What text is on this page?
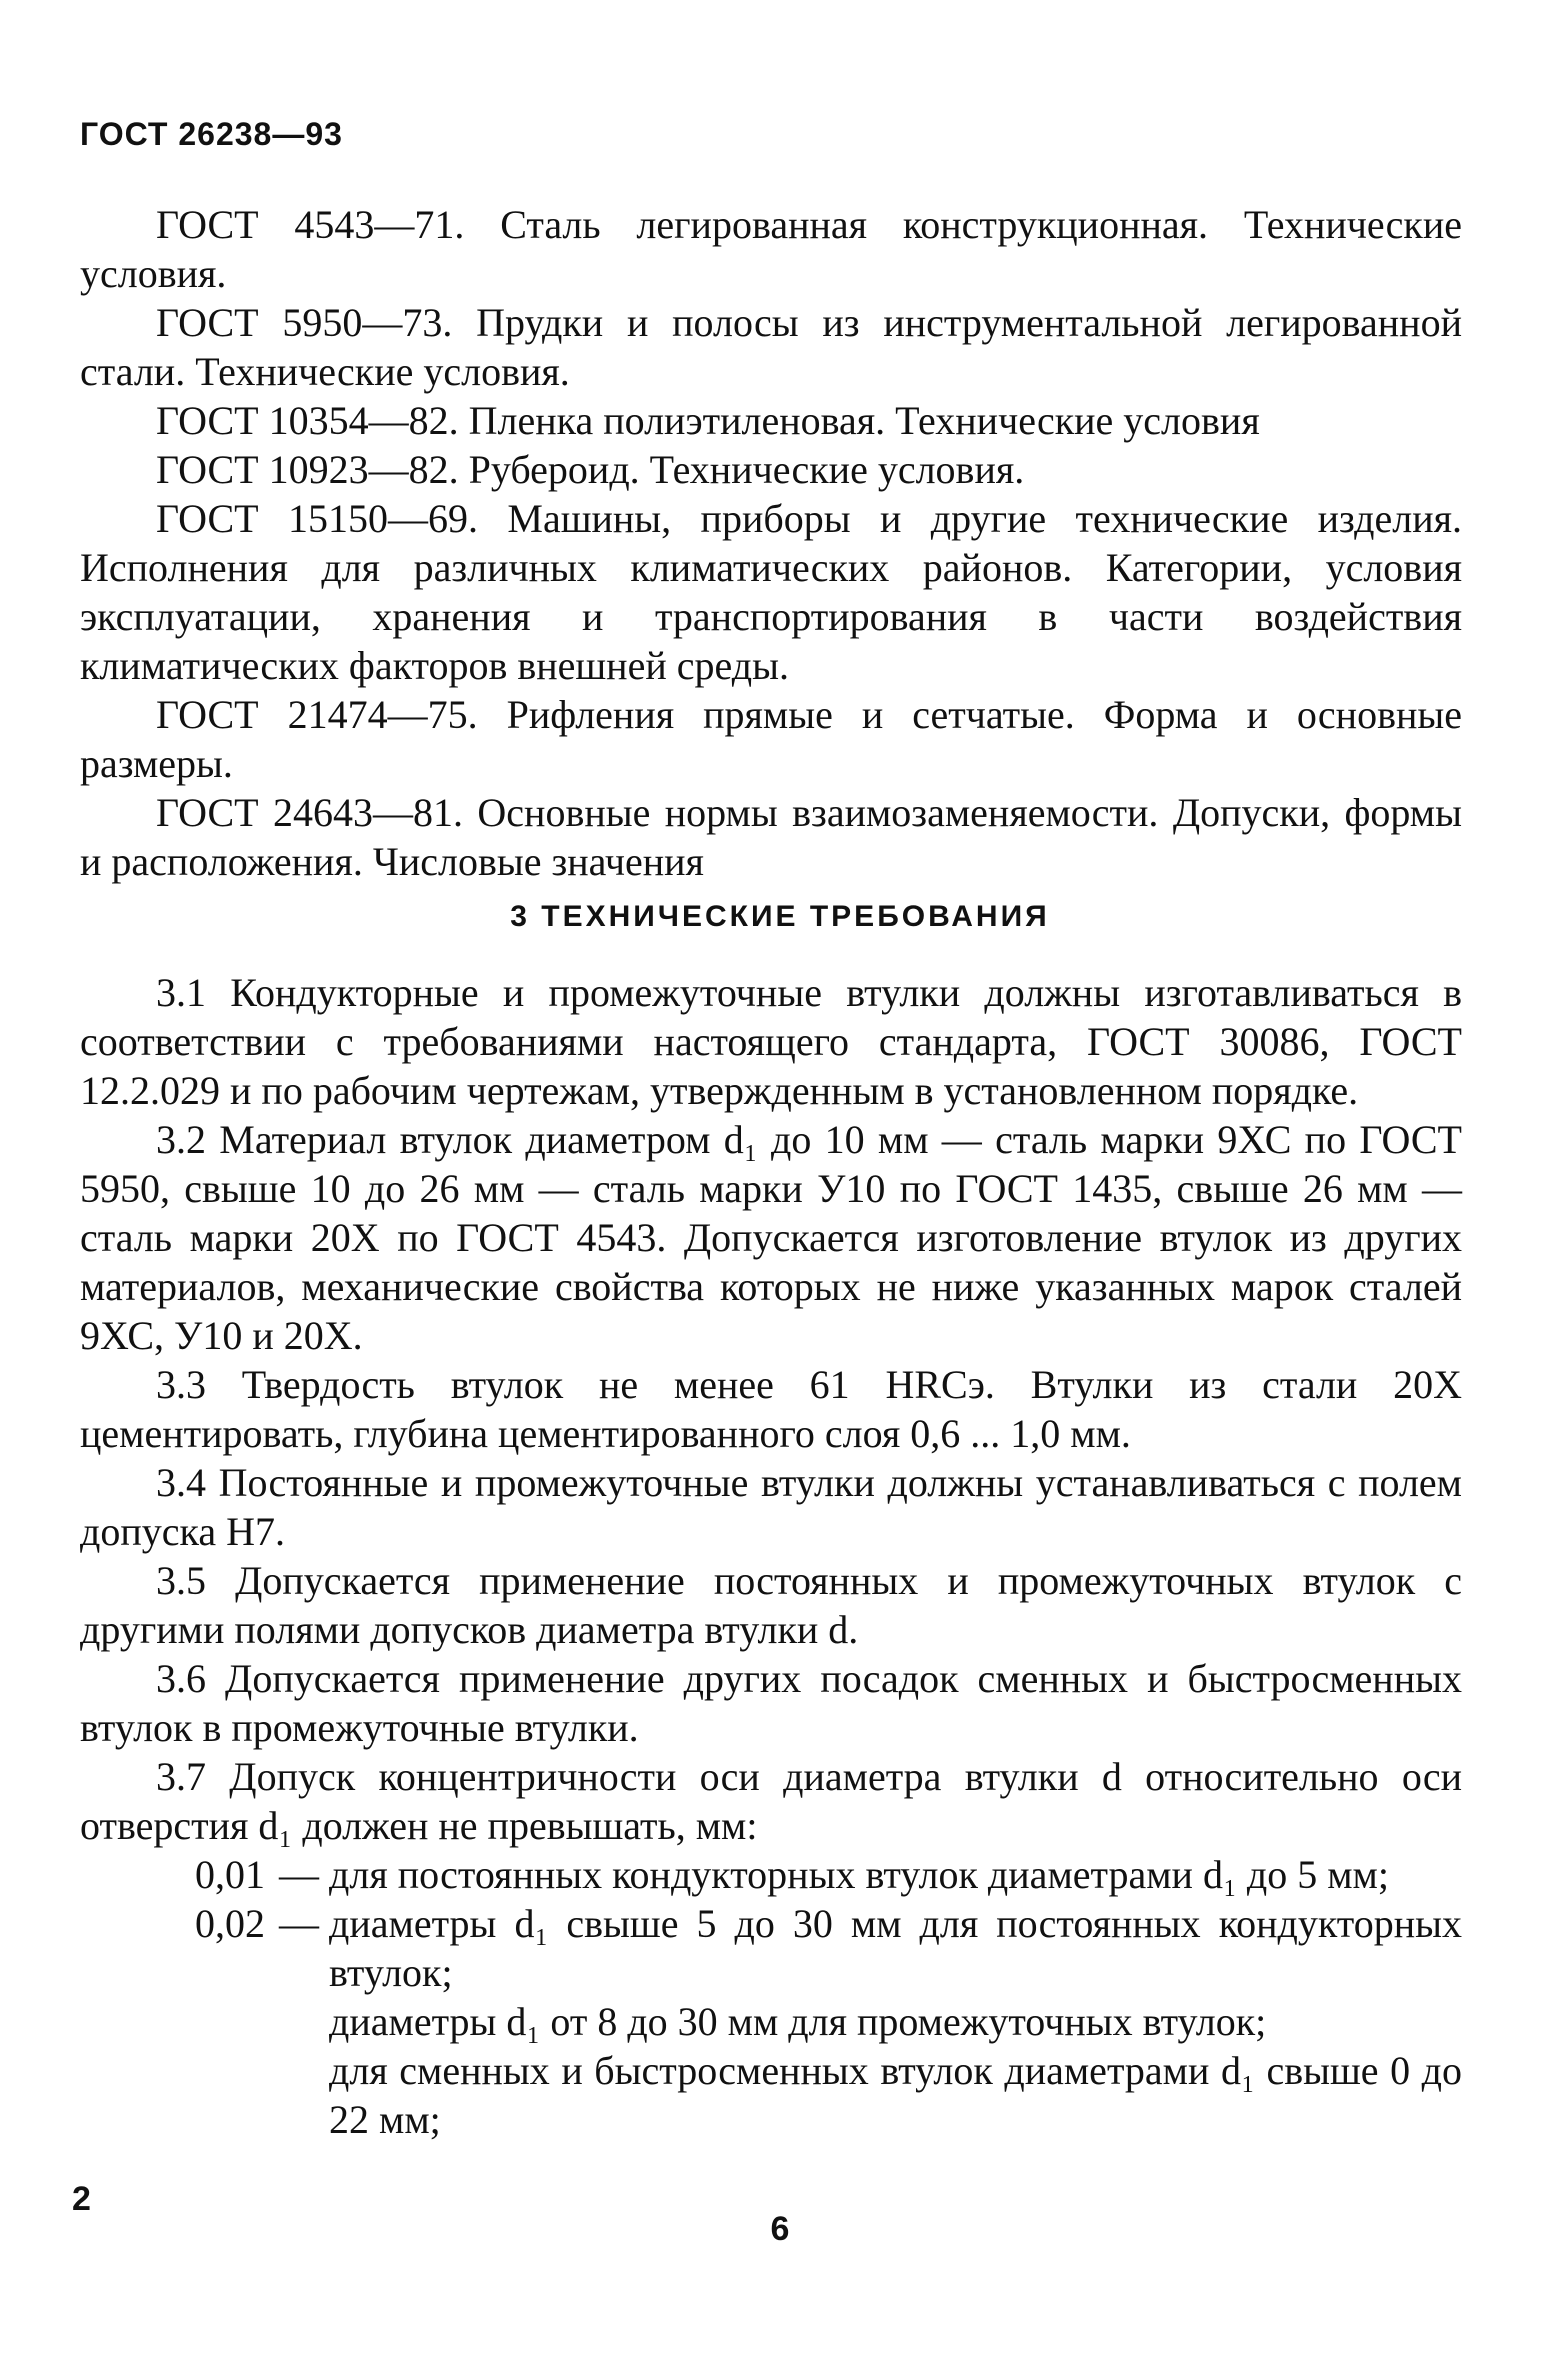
ГОСТ 26238—93

ГОСТ 4543—71. Сталь легированная конструкционная. Технические условия.

ГОСТ 5950—73. Прудки и полосы из инструментальной легированной стали. Технические условия.

ГОСТ 10354—82. Пленка полиэтиленовая. Технические условия

ГОСТ 10923—82. Рубероид. Технические условия.

ГОСТ 15150—69. Машины, приборы и другие технические изделия. Исполнения для различных климатических районов. Категории, условия эксплуатации, хранения и транспортирования в части воздействия климатических факторов внешней среды.

ГОСТ 21474—75. Рифления прямые и сетчатые. Форма и основные размеры.

ГОСТ 24643—81. Основные нормы взаимозаменяемости. Допуски, формы и расположения. Числовые значения

3 ТЕХНИЧЕСКИЕ ТРЕБОВАНИЯ

3.1 Кондукторные и промежуточные втулки должны изготавливаться в соответствии с требованиями настоящего стандарта, ГОСТ 30086, ГОСТ 12.2.029 и по рабочим чертежам, утвержденным в установленном порядке.

3.2 Материал втулок диаметром d₁ до 10 мм — сталь марки 9ХС по ГОСТ 5950, свыше 10 до 26 мм — сталь марки У10 по ГОСТ 1435, свыше 26 мм — сталь марки 20Х по ГОСТ 4543. Допускается изготовление втулок из других материалов, механические свойства которых не ниже указанных марок сталей 9ХС, У10 и 20Х.

3.3 Твердость втулок не менее 61 HRCэ. Втулки из стали 20Х цементировать, глубина цементированного слоя 0,6 ... 1,0 мм.

3.4 Постоянные и промежуточные втулки должны устанавливаться с полем допуска Н7.

3.5 Допускается применение постоянных и промежуточных втулок с другими полями допусков диаметра втулки d.

3.6 Допускается применение других посадок сменных и быстросменных втулок в промежуточные втулки.

3.7 Допуск концентричности оси диаметра втулки d относительно оси отверстия d₁ должен не превышать, мм:

0,01 — для постоянных кондукторных втулок диаметрами d₁ до 5 мм;
0,02 — диаметры d₁ свыше 5 до 30 мм для постоянных кондукторных втулок;
диаметры d₁ от 8 до 30 мм для промежуточных втулок;
для сменных и быстросменных втулок диаметрами d₁ свыше 0 до 22 мм;
2
6
